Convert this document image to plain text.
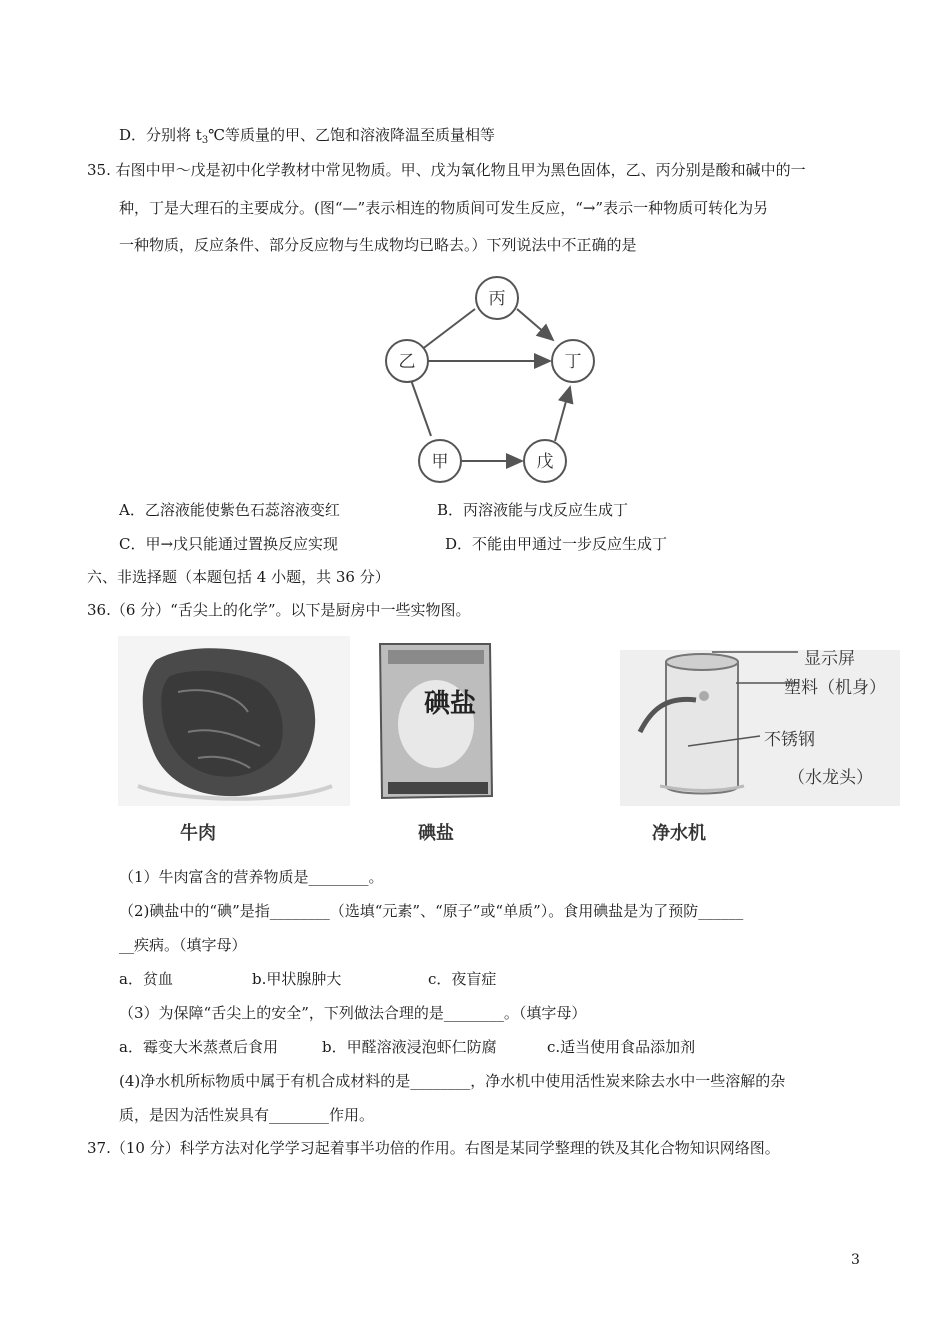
D．分别将 $t_3℃$等质量的甲、乙饱和溶液降温至质量相等
35. 右图中甲～戊是初中化学教材中常见物质。甲、戊为氧化物且甲为黑色固体，乙、丙分别是酸和碱中的一
种，丁是大理石的主要成分。(图“—”表示相连的物质间可发生反应，“→”表示一种物质可转化为另
一种物质，反应条件、部分反应物与生成物均已略去。）下列说法中不正确的是
丙
乙	丁
甲	戊
A．乙溶液能使紫色石蕊溶液变红	B．丙溶液能与戊反应生成丁
C．甲→戊只能通过置换反应实现	D．不能由甲通过一步反应生成丁
六、非选择题（本题包括 4 小题，共 36 分）
36.（6 分）“舌尖上的化学”。以下是厨房中一些实物图。
牛肉
碘盐
碘盐
显示屏
塑料（机身）
不锈钢
（水龙头）
净水机
（1）牛肉富含的营养物质是________。
（2)碘盐中的“碘”是指________（选填“元素”、“原子”或“单质”）。食用碘盐是为了预防______
__疾病。（填字母）
a．贫血	b.甲状腺肿大	c．夜盲症
（3）为保障“舌尖上的安全”，下列做法合理的是________。（填字母）
a．霉变大米蒸煮后食用	b．甲醛溶液浸泡虾仁防腐	c.适当使用食品添加剂
(4)净水机所标物质中属于有机合成材料的是________，净水机中使用活性炭来除去水中一些溶解的杂
质，是因为活性炭具有________作用。
37.（10 分）科学方法对化学学习起着事半功倍的作用。右图是某同学整理的铁及其化合物知识网络图。
3
